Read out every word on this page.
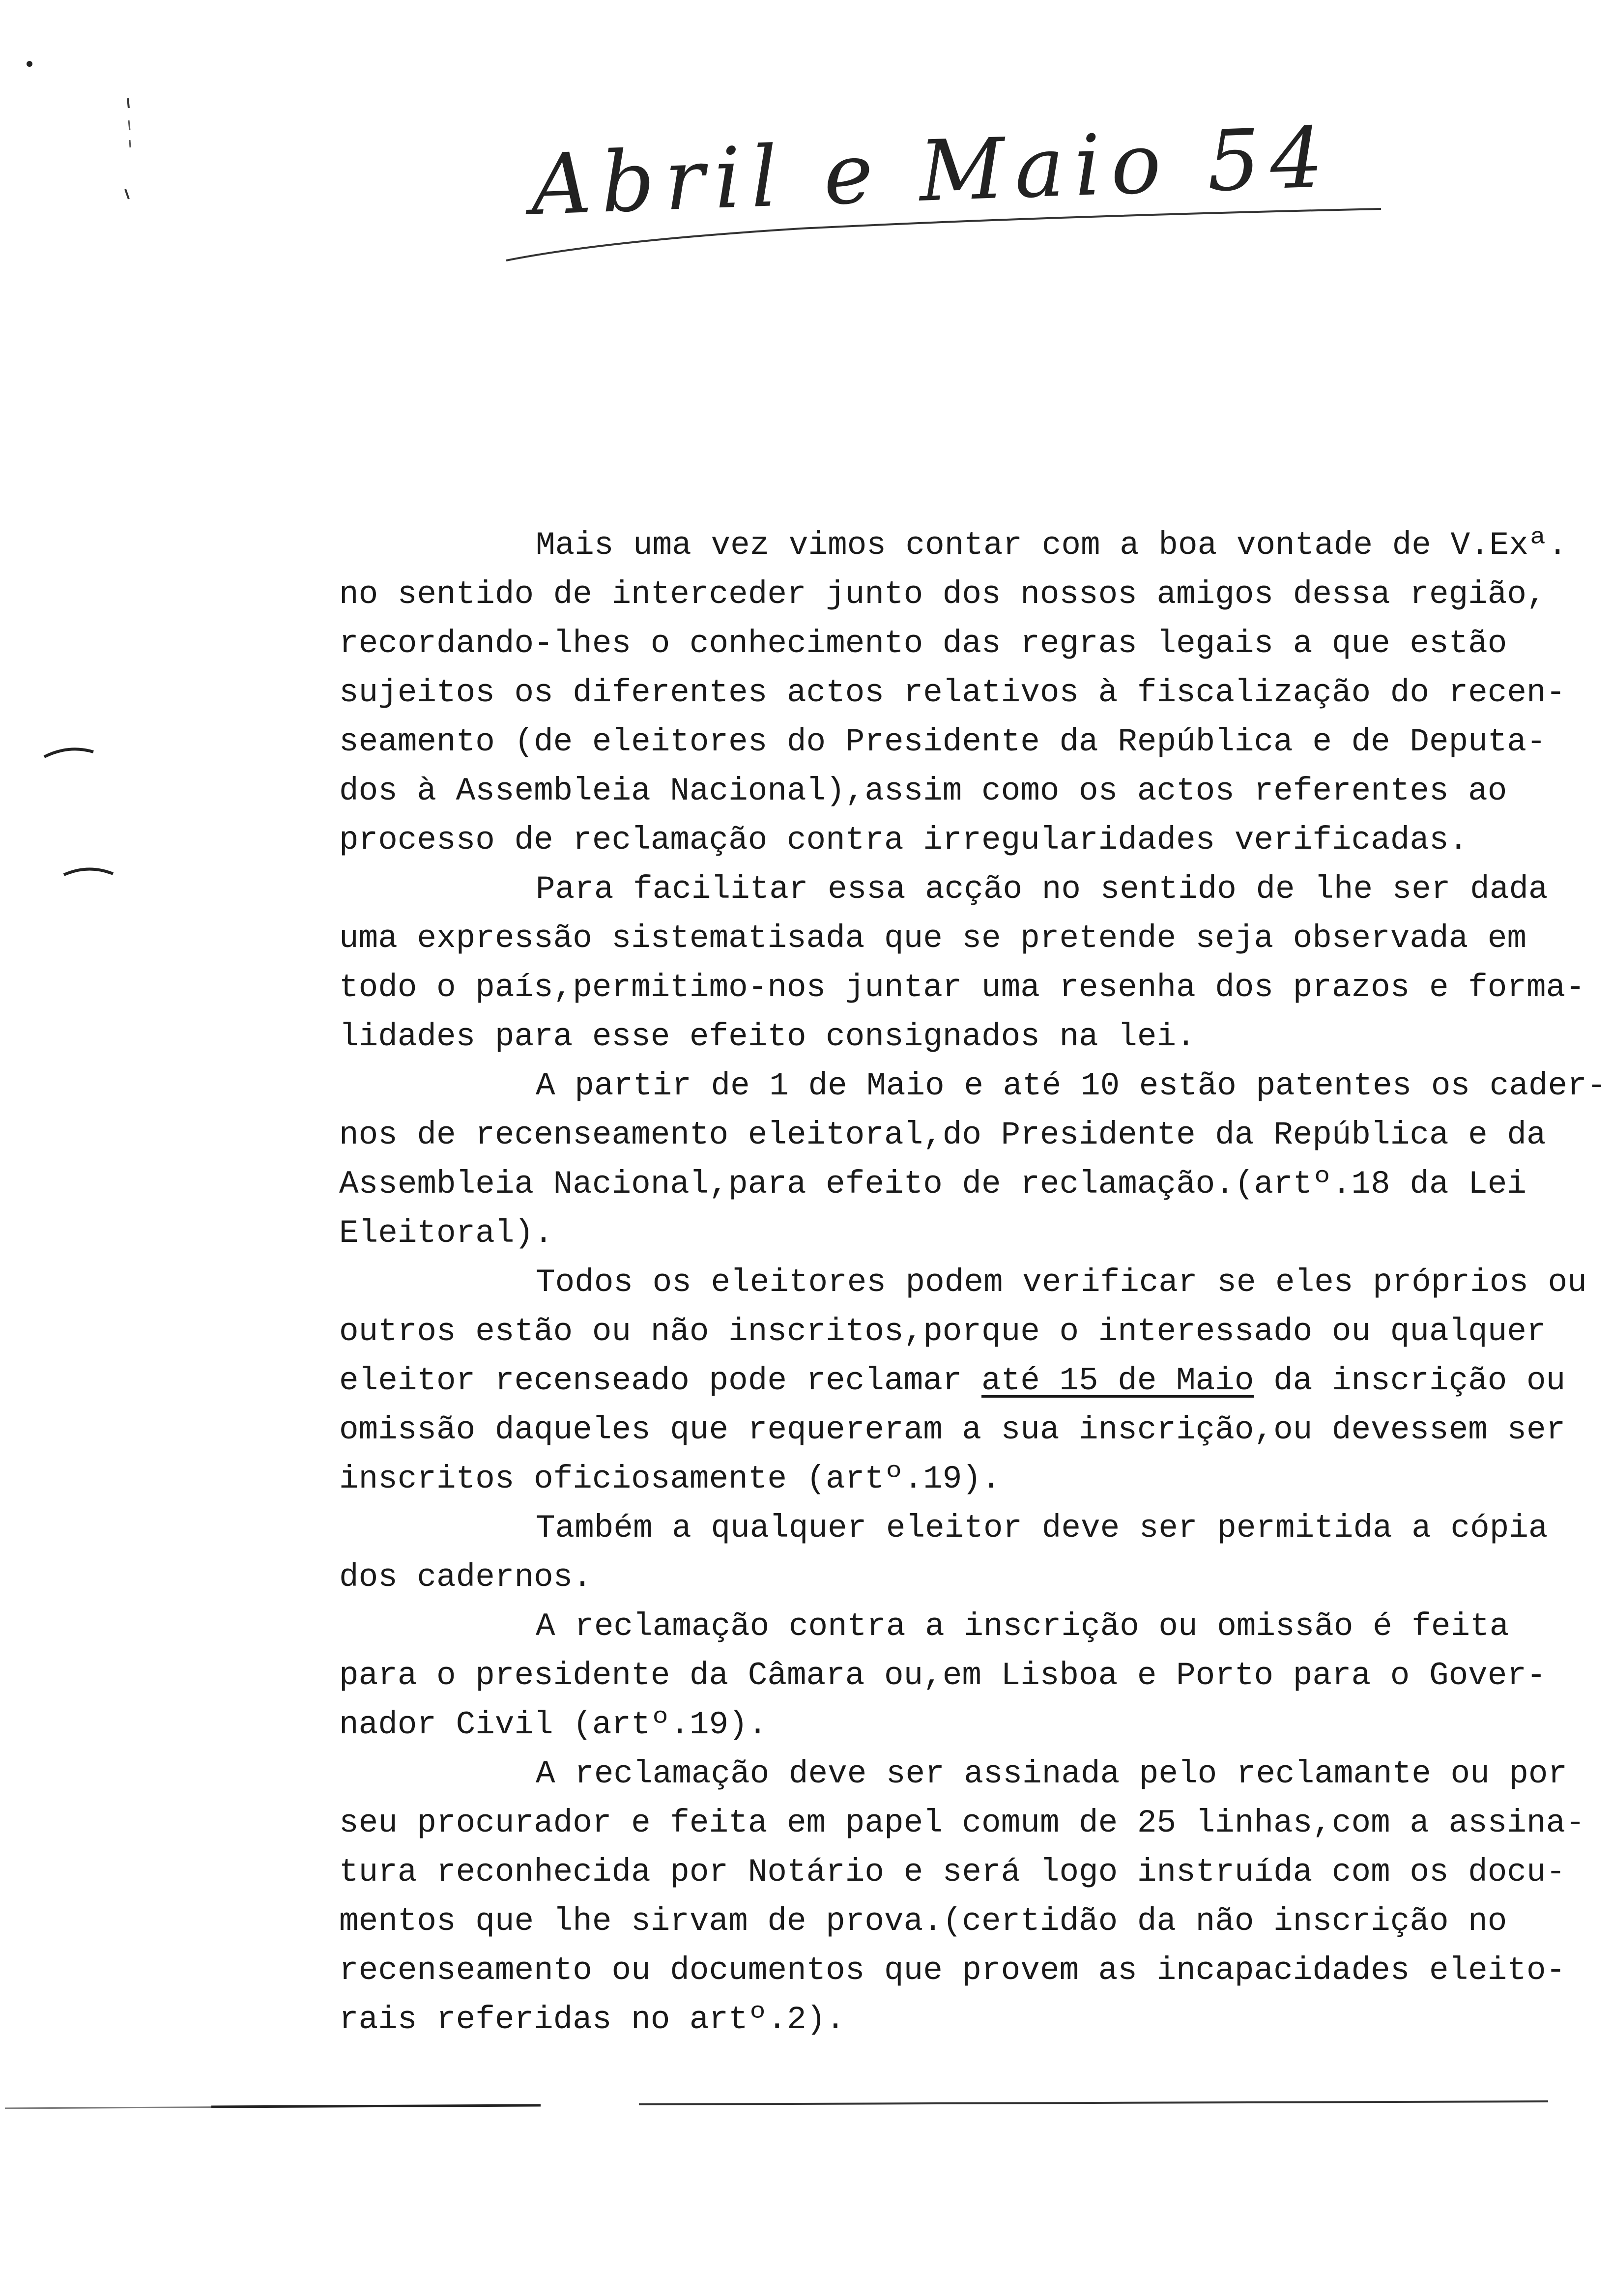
Abril e Maio 54

Mais uma vez vimos contar com a boa vontade de V.Exª.

no sentido de interceder junto dos nossos amigos dessa região,

recordando-lhes o conhecimento das regras legais a que estão

sujeitos os diferentes actos relativos à fiscalização do recen-

seamento (de eleitores do Presidente da República e de Deputa-

dos à Assembleia Nacional),assim como os actos referentes ao

processo de reclamação contra irregularidades verificadas.

Para facilitar essa acção no sentido de lhe ser dada

uma expressão sistematisada que se pretende seja observada em

todo o país,permitimo-nos juntar uma resenha dos prazos e forma-

lidades para esse efeito consignados na lei.

A partir de 1 de Maio e até 10 estão patentes os cader-

nos de recenseamento eleitoral,do Presidente da República e da

Assembleia Nacional,para efeito de reclamação.(artº.18 da Lei

Eleitoral).

Todos os eleitores podem verificar se eles próprios ou

outros estão ou não inscritos,porque o interessado ou qualquer

eleitor recenseado pode reclamar até 15 de Maio da inscrição ou

omissão daqueles que requereram a sua inscrição,ou devessem ser

inscritos oficiosamente (artº.19).

Também a qualquer eleitor deve ser permitida a cópia

dos cadernos.

A reclamação contra a inscrição ou omissão é feita

para o presidente da Câmara ou,em Lisboa e Porto para o Gover-

nador Civil (artº.19).

A reclamação deve ser assinada pelo reclamante ou por

seu procurador e feita em papel comum de 25 linhas,com a assina-

tura reconhecida por Notário e será logo instruída com os docu-

mentos que lhe sirvam de prova.(certidão da não inscrição no

recenseamento ou documentos que provem as incapacidades eleito-

rais referidas no artº.2).
